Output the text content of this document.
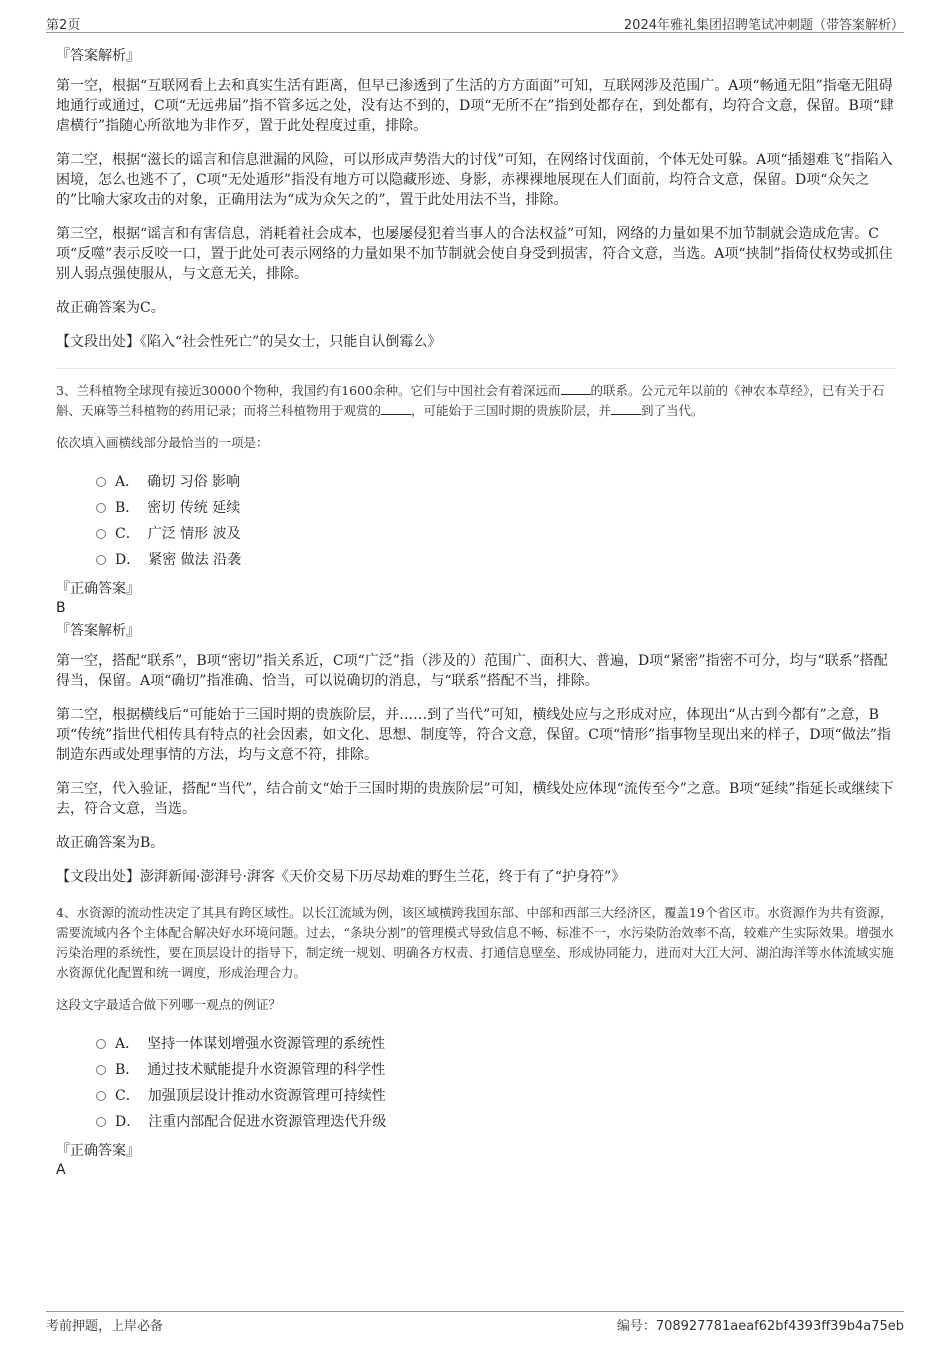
第2页	2024年雅礼集团招聘笔试冲刺题（带答案解析）
『答案解析』

第一空，根据“互联网看上去和真实生活有距离，但早已渗透到了生活的方方面面”可知，互联网涉及范围广。A项“畅通无阻”指毫无阻碍地通行或通过，C项“无远弗届”指不管多远之处，没有达不到的，D项“无所不在”指到处都存在，到处都有，均符合文意，保留。B项“肆虐横行”指随心所欲地为非作歹，置于此处程度过重，排除。

第二空，根据“滋长的谣言和信息泄漏的风险，可以形成声势浩大的讨伐”可知，在网络讨伐面前，个体无处可躲。A项“插翅难飞”指陷入困境，怎么也逃不了，C项“无处遁形”指没有地方可以隐藏形迹、身影，赤裸裸地展现在人们面前，均符合文意，保留。D项“众矢之的”比喻大家攻击的对象，正确用法为“成为众矢之的”，置于此处用法不当，排除。

第三空，根据“谣言和有害信息，消耗着社会成本，也屡屡侵犯着当事人的合法权益”可知，网络的力量如果不加节制就会造成危害。C项“反噬”表示反咬一口，置于此处可表示网络的力量如果不加节制就会使自身受到损害，符合文意，当选。A项“挟制”指倚仗权势或抓住别人弱点强使服从，与文意无关，排除。

故正确答案为C。

【文段出处】《陷入“社会性死亡”的吴女士，只能自认倒霉么》

3、兰科植物全球现有接近30000个物种，我国约有1600余种。它们与中国社会有着深远而 的联系。公元元年以前的《神农本草经》，已有关于石斛、天麻等兰科植物的药用记录；而将兰科植物用于观赏的 ，可能始于三国时期的贵族阶层，并 到了当代。
依次填入画横线部分最恰当的一项是：
A． 确切 习俗 影响
B． 密切 传统 延续
C． 广泛 情形 波及
D． 紧密 做法 沿袭
『正确答案』
B
『答案解析』

第一空，搭配“联系”，B项“密切”指关系近，C项“广泛”指（涉及的）范围广、面积大、普遍，D项“紧密”指密不可分，均与“联系”搭配得当，保留。A项“确切”指准确、恰当，可以说确切的消息，与“联系”搭配不当，排除。

第二空，根据横线后“可能始于三国时期的贵族阶层，并……到了当代”可知，横线处应与之形成对应，体现出“从古到今都有”之意，B项“传统”指世代相传具有特点的社会因素，如文化、思想、制度等，符合文意，保留。C项“情形”指事物呈现出来的样子，D项“做法”指制造东西或处理事情的方法，均与文意不符，排除。

第三空，代入验证，搭配“当代”，结合前文“始于三国时期的贵族阶层”可知，横线处应体现“流传至今”之意。B项“延续”指延长或继续下去，符合文意，当选。

故正确答案为B。

【文段出处】澎湃新闻·澎湃号·湃客《天价交易下历尽劫难的野生兰花，终于有了“护身符”》

4、水资源的流动性决定了其具有跨区域性。以长江流域为例，该区域横跨我国东部、中部和西部三大经济区，覆盖19个省区市。水资源作为共有资源，需要流域内各个主体配合解决好水环境问题。过去，“条块分割”的管理模式导致信息不畅、标准不一，水污染防治效率不高，较难产生实际效果。增强水污染治理的系统性，要在顶层设计的指导下，制定统一规划、明确各方权责、打通信息壁垒、形成协同能力，进而对大江大河、湖泊海洋等水体流域实施水资源优化配置和统一调度，形成治理合力。
这段文字最适合做下列哪一观点的例证？
A． 坚持一体谋划增强水资源管理的系统性
B． 通过技术赋能提升水资源管理的科学性
C． 加强顶层设计推动水资源管理可持续性
D． 注重内部配合促进水资源管理迭代升级
『正确答案』
A
考前押题，上岸必备	编号：708927781aeaf62bf4393ff39b4a75eb
